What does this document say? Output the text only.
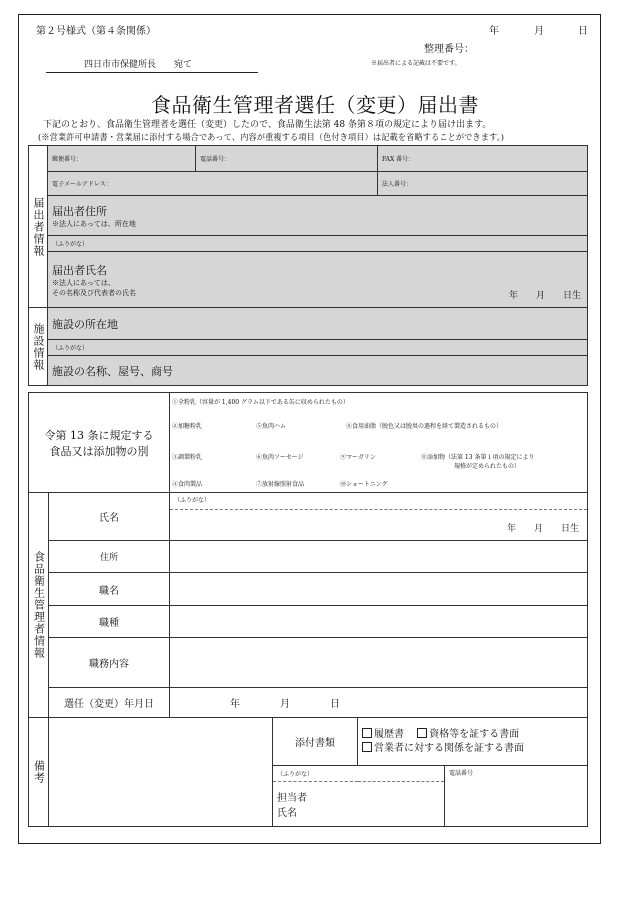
第２号様式（第４条関係）	年	月	日
整理番号：
※届出者による記載は不要です。
四日市市保健所長　　宛て
食品衛生管理者選任（変更）届出書
下記のとおり、食品衛生管理者を選任（変更）したので、食品衛生法第 48 条第８項の規定により届け出ます。
(※営業許可申請書・営業届に添付する場合であって、内容が重複する項目（色付き項目）は記載を省略することができます。)
届出者情報	郵便番号：	電話番号：	FAX 番号：
	電子メールアドレス：		法人番号：

	届出者住所
※法人にあっては、所在地		

	（ふりがな）		

	届出者氏名
※法人にあっては、
その名称及び代表者の氏名 年　　月　　日生		

施設情報	施設の所在地		
	（ふりがな）		
	施設の名称、屋号、商号		
令第 13 条に規定する
食品又は添加物の別

①全粉乳（容量が 1,400 グラム以下である缶に収められたもの）
②加糖粉乳	⑤魚肉ハム	⑧食用油脂（脱色又は脱臭の過程を経て製造されるもの）
③調製粉乳	⑥魚肉ソーセージ	⑨マーガリン	⑪添加物（法第 13 条第１項の規定により
規格が定められたもの）
④食肉製品	⑦放射線照射食品	⑩ショートニング
食品衛生管理者情報	氏名	（ふりがな）
年　　月　　日生

	住所	
	職名	
	職種	
	職務内容	
	選任（変更）年月日	年　　　　月　　　　日
備考		添付書類	履歴書 資格等を証する書面
営業者に対する関係を証する書面	

		（ふりがな）		電話番号

		担当者
氏名		
